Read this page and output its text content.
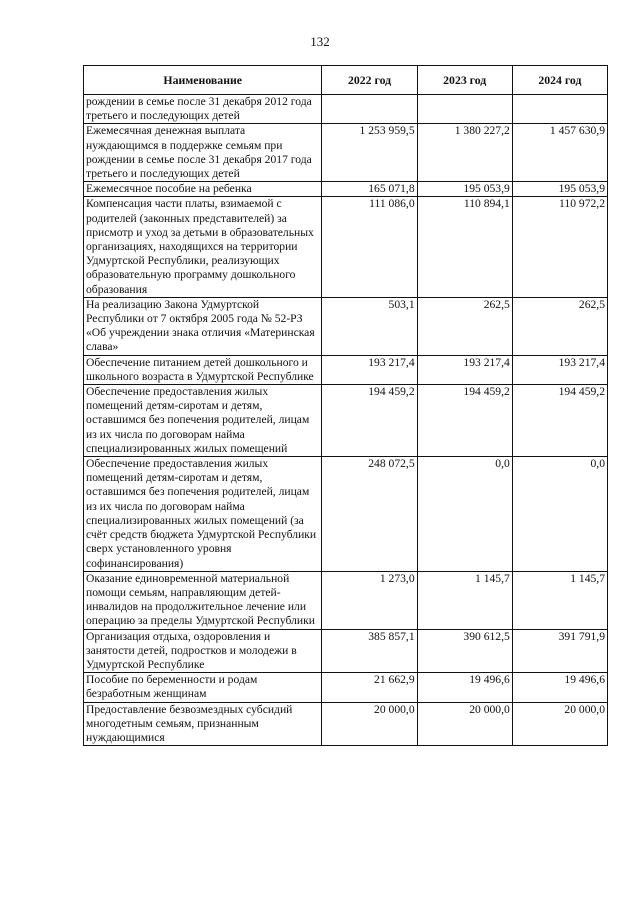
132
Наименование	2022 год	2023 год	2024 год
рождении в семье после 31 декабря 2012 года третьего и последующих детей			
Ежемесячная денежная выплата нуждающимся в поддержке семьям при рождении в семье после 31 декабря 2017 года третьего и последующих детей	1 253 959,5	1 380 227,2	1 457 630,9
Ежемесячное пособие на ребенка	165 071,8	195 053,9	195 053,9
Компенсация части платы, взимаемой с родителей (законных представителей) за присмотр и уход за детьми в образовательных организациях, находящихся на территории Удмуртской Республики, реализующих образовательную программу дошкольного образования	111 086,0	110 894,1	110 972,2
На реализацию Закона Удмуртской Республики от 7 октября 2005 года № 52-РЗ «Об учреждении знака отличия «Материнская слава»	503,1	262,5	262,5
Обеспечение питанием детей дошкольного и школьного возраста в Удмуртской Республике	193 217,4	193 217,4	193 217,4
Обеспечение предоставления жилых помещений детям-сиротам и детям, оставшимся без попечения родителей, лицам из их числа по договорам найма специализированных жилых помещений	194 459,2	194 459,2	194 459,2
Обеспечение предоставления жилых помещений детям-сиротам и детям, оставшимся без попечения родителей, лицам из их числа по договорам найма специализированных жилых помещений (за счёт средств бюджета Удмуртской Республики сверх установленного уровня софинансирования)	248 072,5	0,0	0,0
Оказание единовременной материальной помощи семьям, направляющим детей-инвалидов на продолжительное лечение или операцию за пределы Удмуртской Республики	1 273,0	1 145,7	1 145,7
Организация отдыха, оздоровления и занятости детей, подростков и молодежи в Удмуртской Республике	385 857,1	390 612,5	391 791,9
Пособие по беременности и родам безработным женщинам	21 662,9	19 496,6	19 496,6
Предоставление безвозмездных субсидий многодетным семьям, признанным нуждающимися	20 000,0	20 000,0	20 000,0
